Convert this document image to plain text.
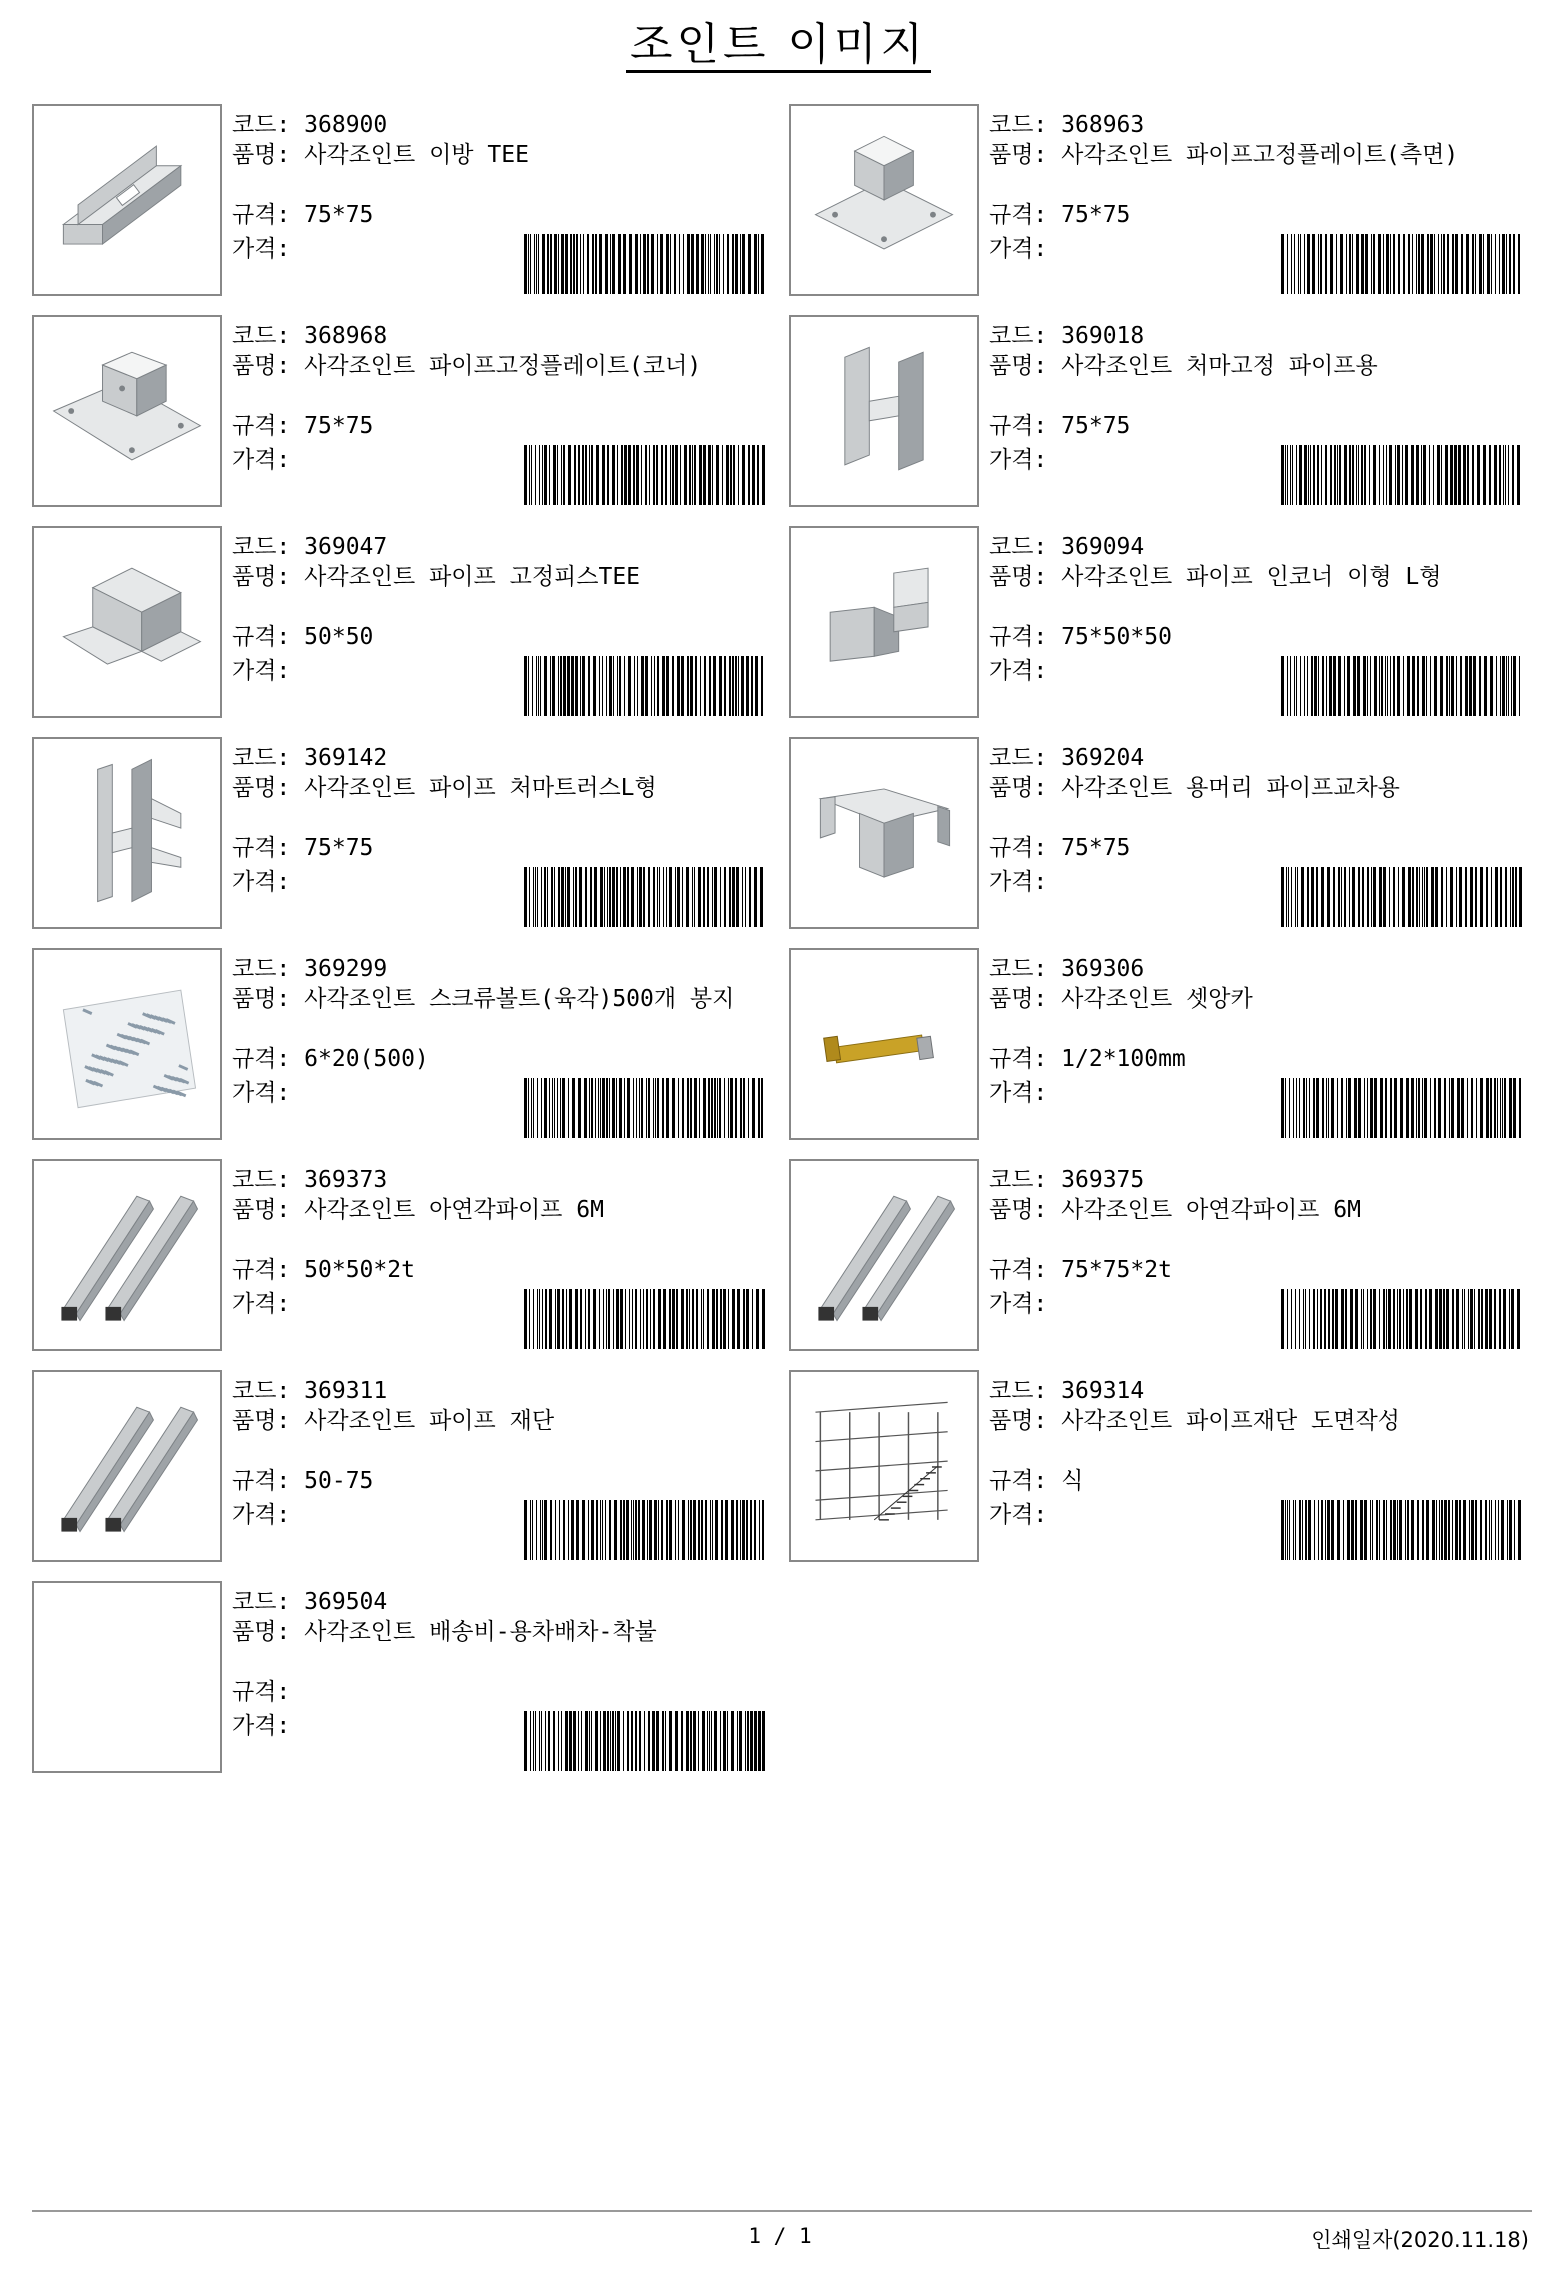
조인트 이미지
코드: 368900
품명: 사각조인트 이방 TEE
규격: 75*75
가격:
코드: 368963
품명: 사각조인트 파이프고정플레이트(측면)
규격: 75*75
가격:
코드: 368968
품명: 사각조인트 파이프고정플레이트(코너)
규격: 75*75
가격:
코드: 369018
품명: 사각조인트 처마고정 파이프용
규격: 75*75
가격:
코드: 369047
품명: 사각조인트 파이프 고정피스TEE
규격: 50*50
가격:
코드: 369094
품명: 사각조인트 파이프 인코너 이형 L형
규격: 75*50*50
가격:
코드: 369142
품명: 사각조인트 파이프 처마트러스L형
규격: 75*75
가격:
코드: 369204
품명: 사각조인트 용머리 파이프교차용
규격: 75*75
가격:
코드: 369299
품명: 사각조인트 스크류볼트(육각)500개 봉지
규격: 6*20(500)
가격:
코드: 369306
품명: 사각조인트 셋앙카
규격: 1/2*100mm
가격:
코드: 369373
품명: 사각조인트 아연각파이프 6M
규격: 50*50*2t
가격:
코드: 369375
품명: 사각조인트 아연각파이프 6M
규격: 75*75*2t
가격:
코드: 369311
품명: 사각조인트 파이프 재단
규격: 50-75
가격:
코드: 369314
품명: 사각조인트 파이프재단 도면작성
규격: 식
가격:
코드: 369504
품명: 사각조인트 배송비-용차배차-착불
규격:
가격:
1 / 1	인쇄일자(2020.11.18)
